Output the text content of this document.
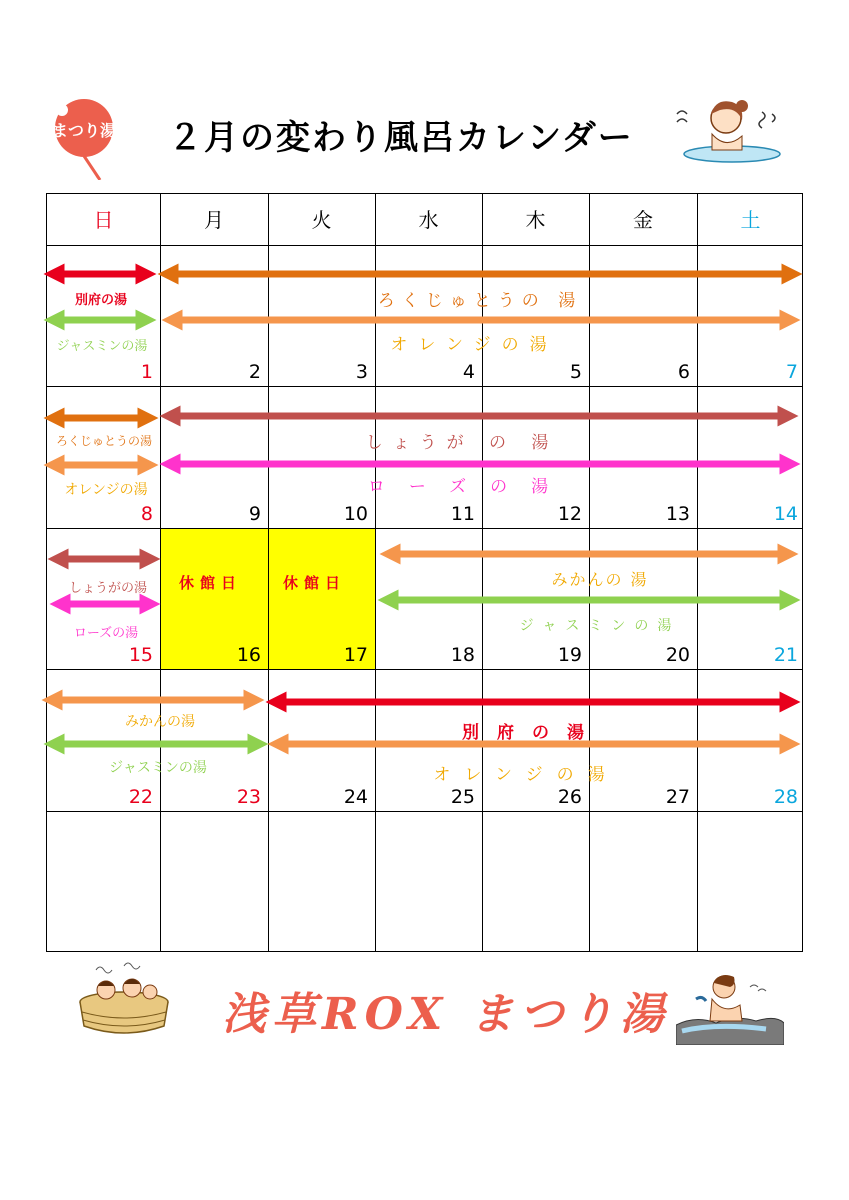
まつり湯 ２月の変わり風呂カレンダー
日	月	火	水	木	金	土
1	2	3	4	5	6	7
8	9	10	11	12	13	14
15	16	17	18	19	20	21
22	23	24	25	26	27	28
休館日	休館日
別府の湯
ジャスミンの湯
ろくじゅとうの 湯
オレンジの湯
ろくじゅとうの湯
オレンジの湯
しょうが の 湯
ローズの湯
しょうがの湯
ローズの湯
みかんの 湯
ジャスミンの湯
みかんの湯
ジャスミンの湯
別府の湯
オレンジの湯
浅草ROX まつり湯
